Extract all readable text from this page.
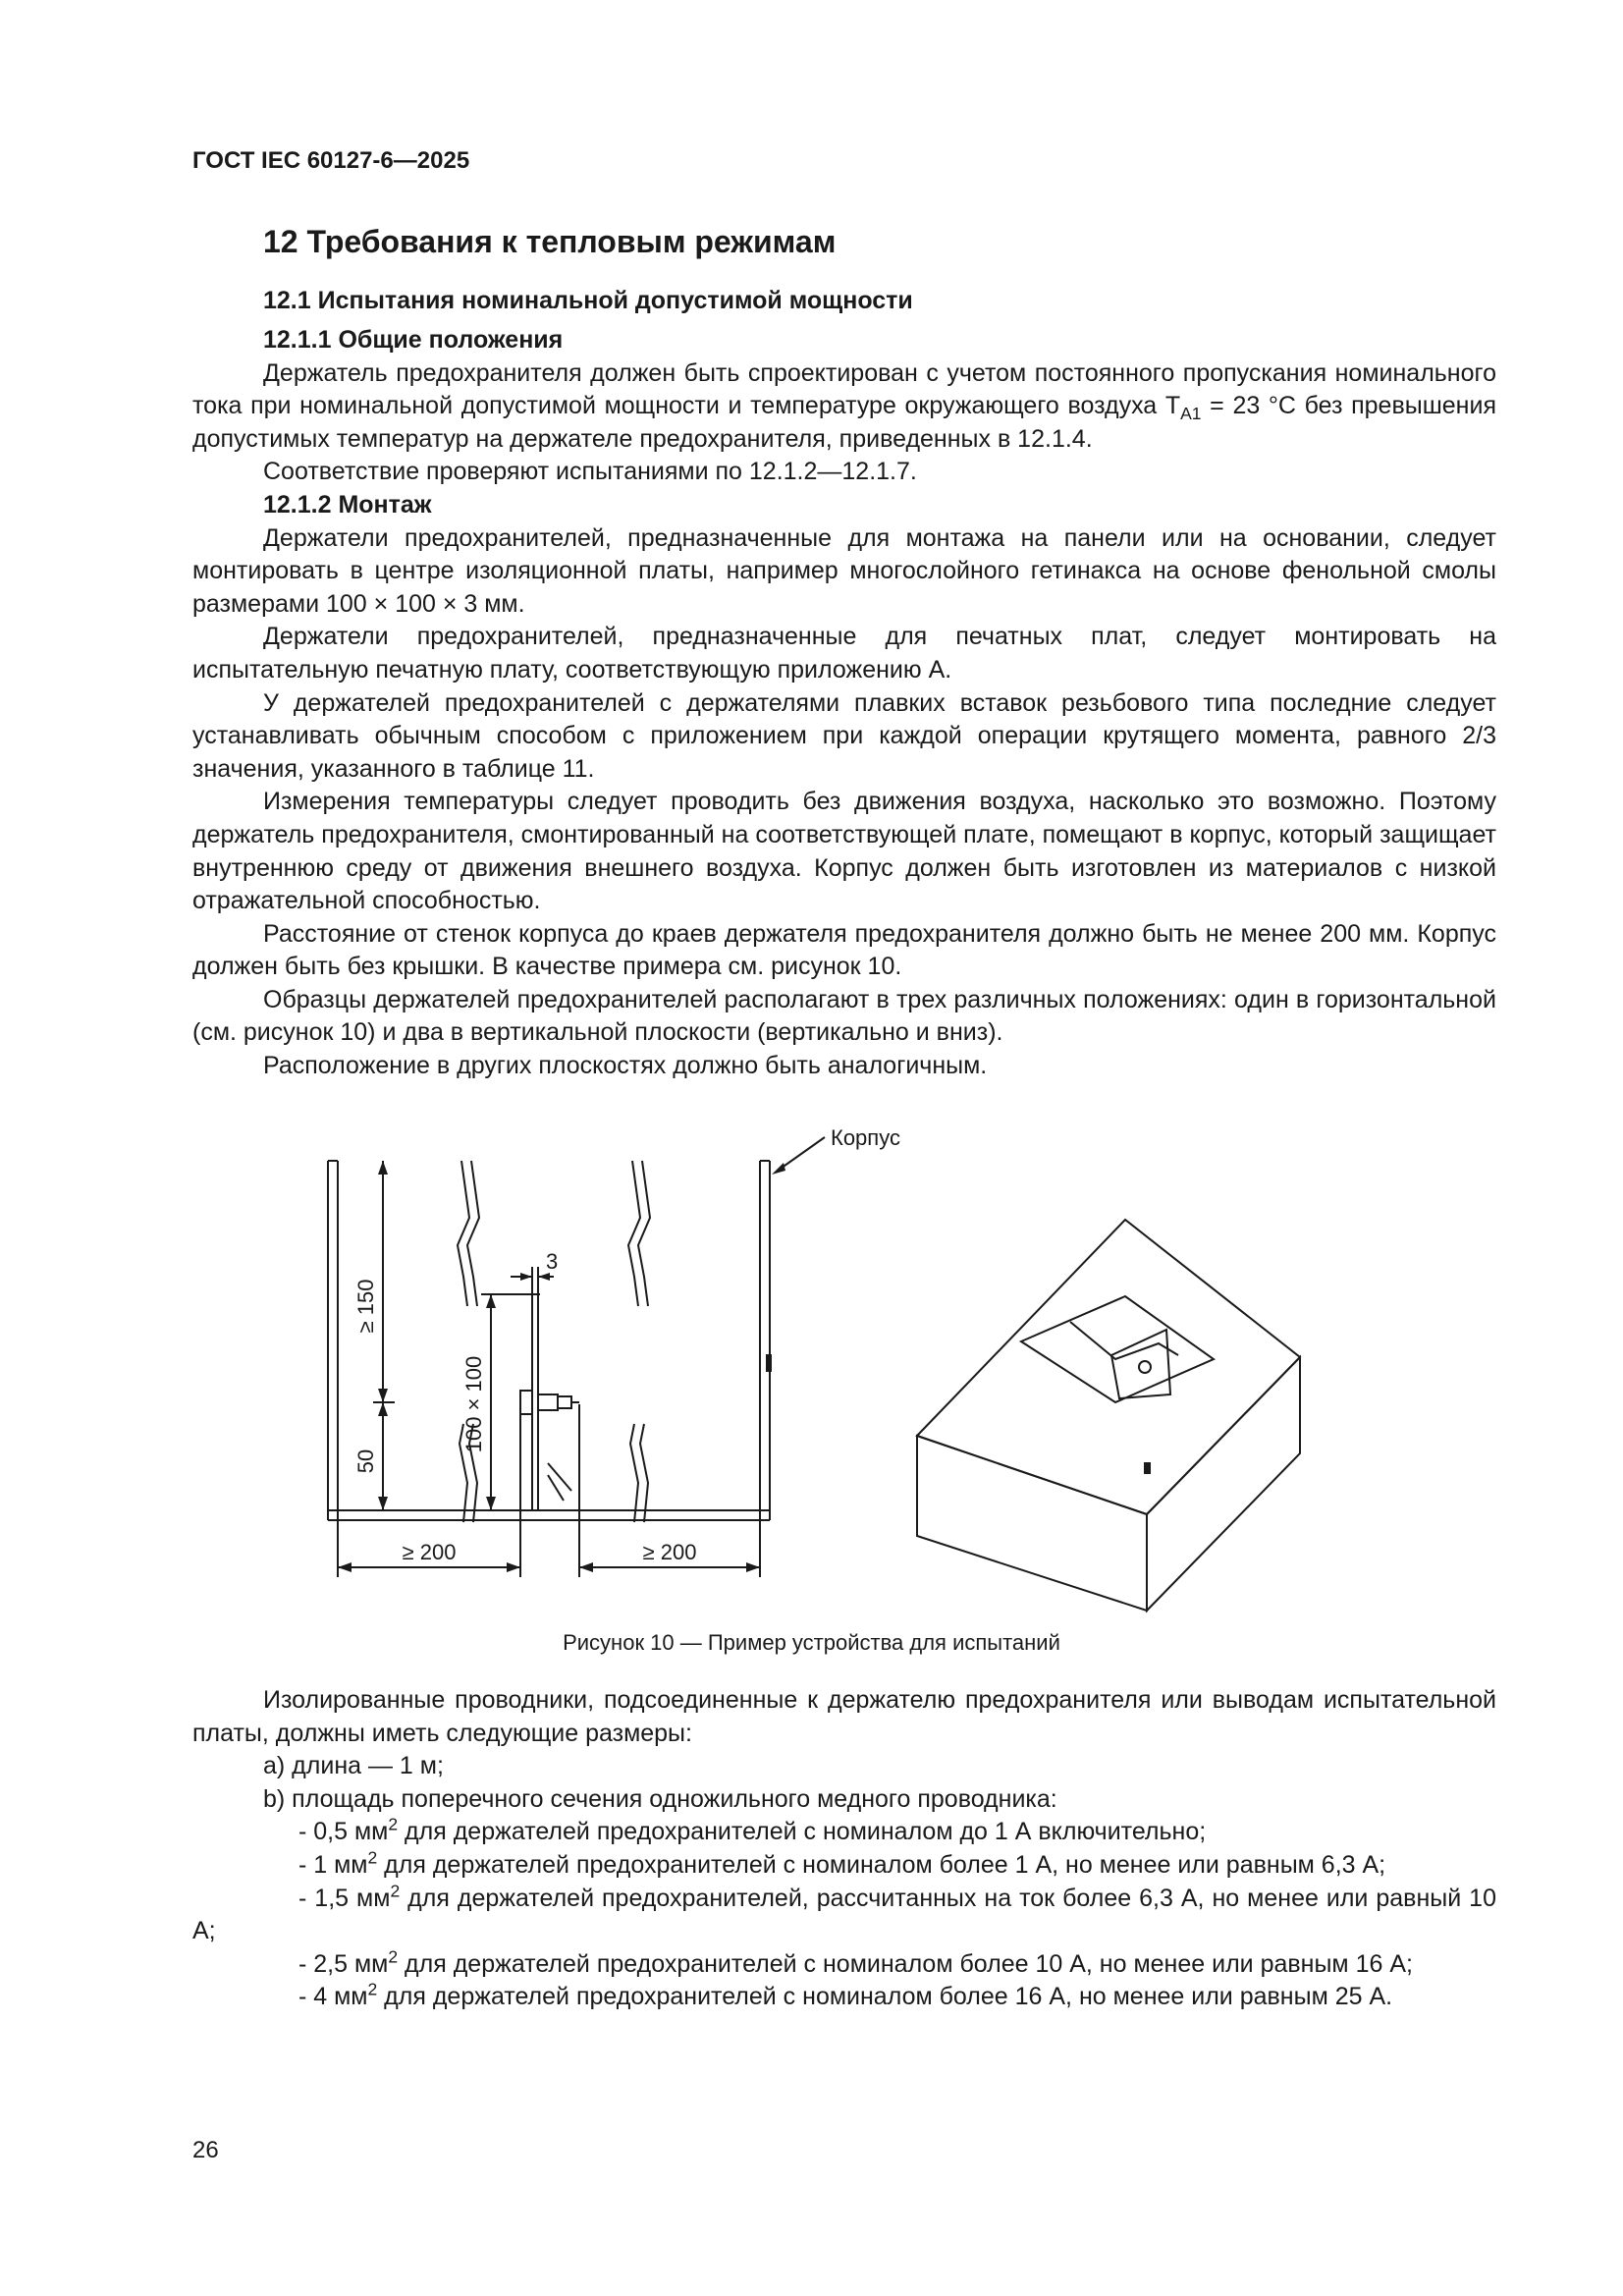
ГОСТ IEC 60127-6—2025
12 Требования к тепловым режимам
12.1 Испытания номинальной допустимой мощности

12.1.1 Общие положения

Держатель предохранителя должен быть спроектирован с учетом постоянного пропускания номинального тока при номинальной допустимой мощности и температуре окружающего воздуха $T_{A1} = 23$ °C без превышения допустимых температур на держателе предохранителя, приведенных в 12.1.4.

Соответствие проверяют испытаниями по 12.1.2—12.1.7.

12.1.2 Монтаж

Держатели предохранителей, предназначенные для монтажа на панели или на основании, следует монтировать в центре изоляционной платы, например многослойного гетинакса на основе фенольной смолы размерами 100 × 100 × 3 мм.

Держатели предохранителей, предназначенные для печатных плат, следует монтировать на испытательную печатную плату, соответствующую приложению А.

У держателей предохранителей с держателями плавких вставок резьбового типа последние следует устанавливать обычным способом с приложением при каждой операции крутящего момента, равного 2/3 значения, указанного в таблице 11.

Измерения температуры следует проводить без движения воздуха, насколько это возможно. Поэтому держатель предохранителя, смонтированный на соответствующей плате, помещают в корпус, который защищает внутреннюю среду от движения внешнего воздуха. Корпус должен быть изготовлен из материалов с низкой отражательной способностью.

Расстояние от стенок корпуса до краев держателя предохранителя должно быть не менее 200 мм. Корпус должен быть без крышки. В качестве примера см. рисунок 10.

Образцы держателей предохранителей располагают в трех различных положениях: один в горизонтальной (см. рисунок 10) и два в вертикальной плоскости (вертикально и вниз).

Расположение в других плоскостях должно быть аналогичным.

Корпус
≥ 150
50
100 × 100
3
≥ 200	≥ 200
Рисунок 10 — Пример устройства для испытаний

Изолированные проводники, подсоединенные к держателю предохранителя или выводам испытательной платы, должны иметь следующие размеры:

a) длина — 1 м;

b) площадь поперечного сечения одножильного медного проводника:

- 0,5 $мм^2$ для держателей предохранителей с номиналом до 1 А включительно;

- 1 $мм^2$ для держателей предохранителей с номиналом более 1 А, но менее или равным 6,3 А;

- 1,5 $мм^2$ для держателей предохранителей, рассчитанных на ток более 6,3 А, но менее или равный 10 А;

- 2,5 $мм^2$ для держателей предохранителей с номиналом более 10 А, но менее или равным 16 А;

- 4 $мм^2$ для держателей предохранителей с номиналом более 16 А, но менее или равным 25 А.

26
